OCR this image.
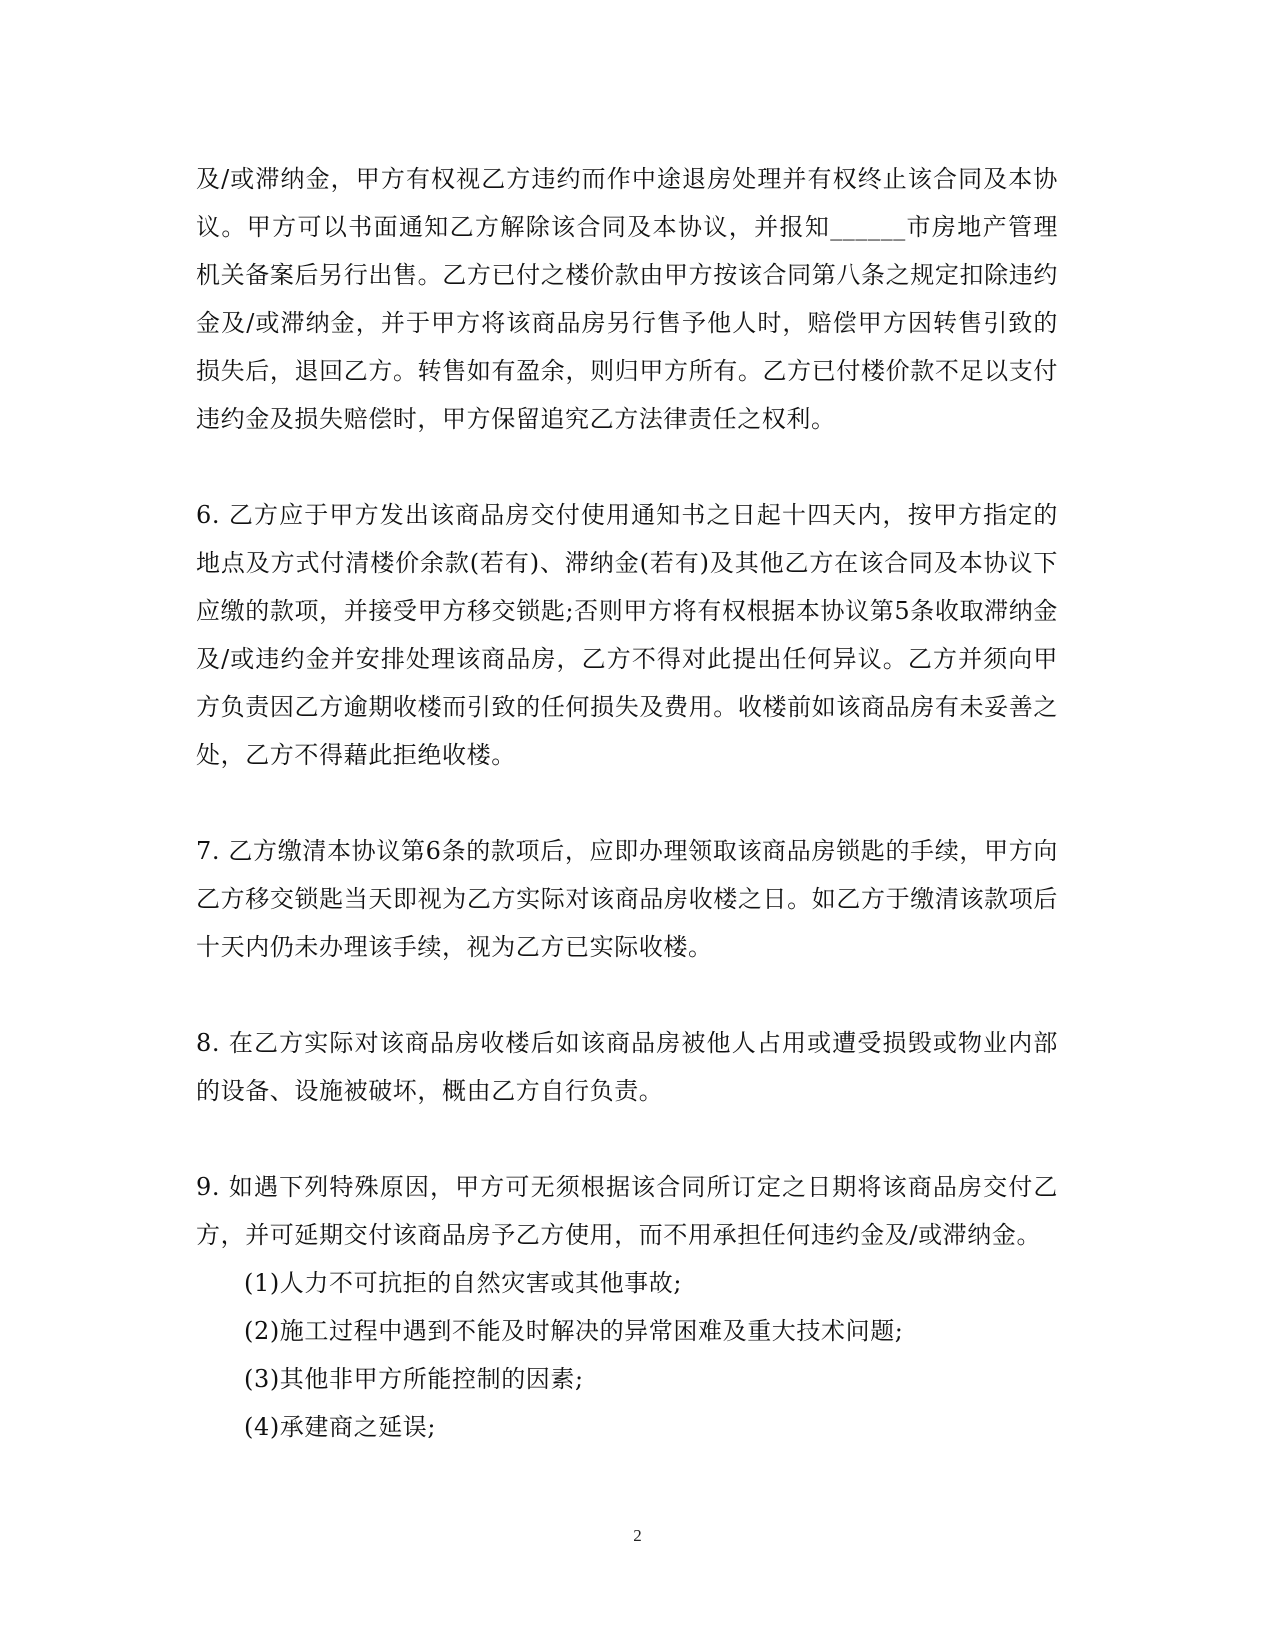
及/或滞纳金，甲方有权视乙方违约而作中途退房处理并有权终止该合同及本协议。甲方可以书面通知乙方解除该合同及本协议，并报知______市房地产管理机关备案后另行出售。乙方已付之楼价款由甲方按该合同第八条之规定扣除违约金及/或滞纳金，并于甲方将该商品房另行售予他人时，赔偿甲方因转售引致的损失后，退回乙方。转售如有盈余，则归甲方所有。乙方已付楼价款不足以支付违约金及损失赔偿时，甲方保留追究乙方法律责任之权利。

6. 乙方应于甲方发出该商品房交付使用通知书之日起十四天内，按甲方指定的地点及方式付清楼价余款(若有)、滞纳金(若有)及其他乙方在该合同及本协议下应缴的款项，并接受甲方移交锁匙;否则甲方将有权根据本协议第5条收取滞纳金及/或违约金并安排处理该商品房，乙方不得对此提出任何异议。乙方并须向甲方负责因乙方逾期收楼而引致的任何损失及费用。收楼前如该商品房有未妥善之处，乙方不得藉此拒绝收楼。

7. 乙方缴清本协议第6条的款项后，应即办理领取该商品房锁匙的手续，甲方向乙方移交锁匙当天即视为乙方实际对该商品房收楼之日。如乙方于缴清该款项后十天内仍未办理该手续，视为乙方已实际收楼。

8. 在乙方实际对该商品房收楼后如该商品房被他人占用或遭受损毁或物业内部的设备、设施被破坏，概由乙方自行负责。

9. 如遇下列特殊原因，甲方可无须根据该合同所订定之日期将该商品房交付乙方，并可延期交付该商品房予乙方使用，而不用承担任何违约金及/或滞纳金。

(1)人力不可抗拒的自然灾害或其他事故;

(2)施工过程中遇到不能及时解决的异常困难及重大技术问题;

(3)其他非甲方所能控制的因素;

(4)承建商之延误;

2
